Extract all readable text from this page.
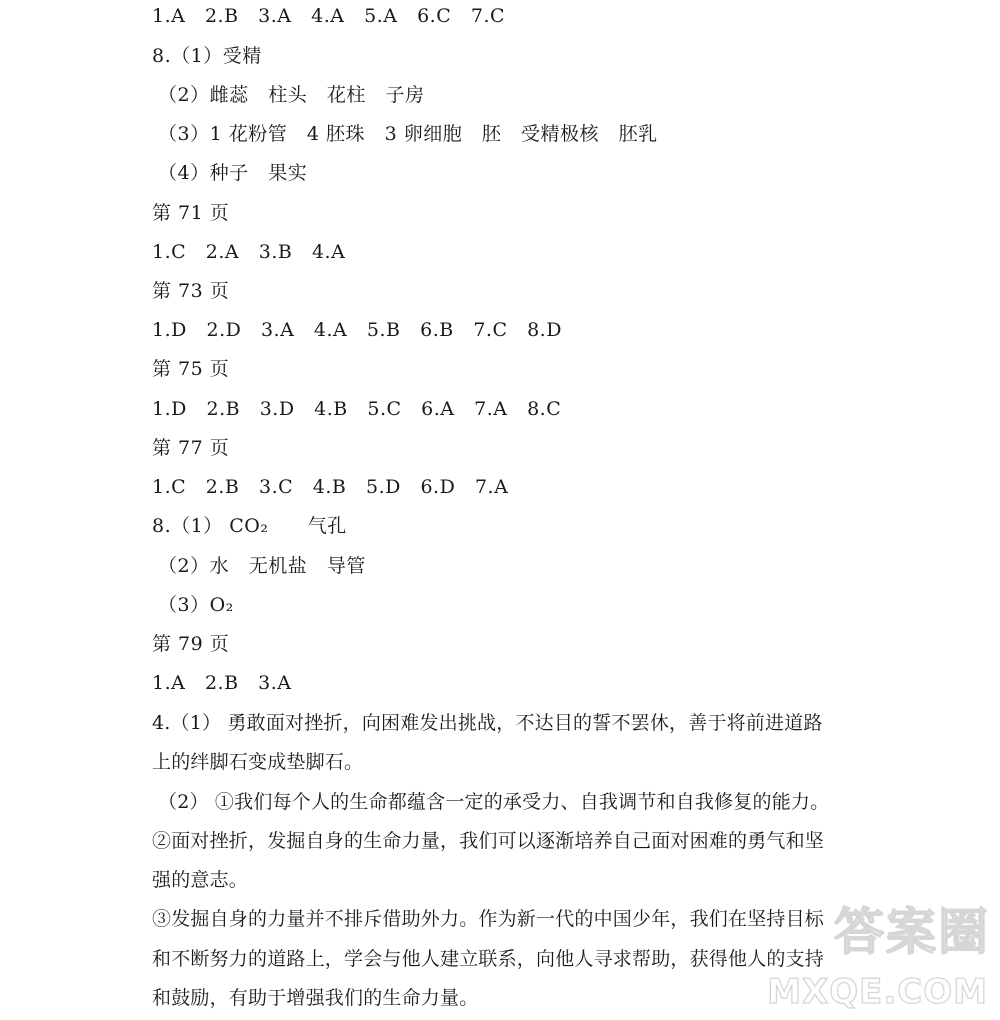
1.A   2.B   3.A   4.A   5.A   6.C   7.C
8.（1）受精
（2）雌蕊   柱头   花柱   子房
（3）1 花粉管   4 胚珠   3 卵细胞   胚   受精极核   胚乳
（4）种子   果实
第 71 页
1.C   2.A   3.B   4.A
第 73 页
1.D   2.D   3.A   4.A   5.B   6.B   7.C   8.D
第 75 页
1.D   2.B   3.D   4.B   5.C   6.A   7.A   8.C
第 77 页
1.C   2.B   3.C   4.B   5.D   6.D   7.A
8.（1） CO₂      气孔
（2）水   无机盐   导管
（3）O₂
第 79 页
1.A   2.B   3.A
4.（1） 勇敢面对挫折，向困难发出挑战，不达目的誓不罢休，善于将前进道路
上的绊脚石变成垫脚石。
（2） ①我们每个人的生命都蕴含一定的承受力、自我调节和自我修复的能力。
②面对挫折，发掘自身的生命力量，我们可以逐渐培养自己面对困难的勇气和坚
强的意志。
③发掘自身的力量并不排斥借助外力。作为新一代的中国少年，我们在坚持目标
和不断努力的道路上，学会与他人建立联系，向他人寻求帮助，获得他人的支持
和鼓励，有助于增强我们的生命力量。
答案圈
MXQE.COM
